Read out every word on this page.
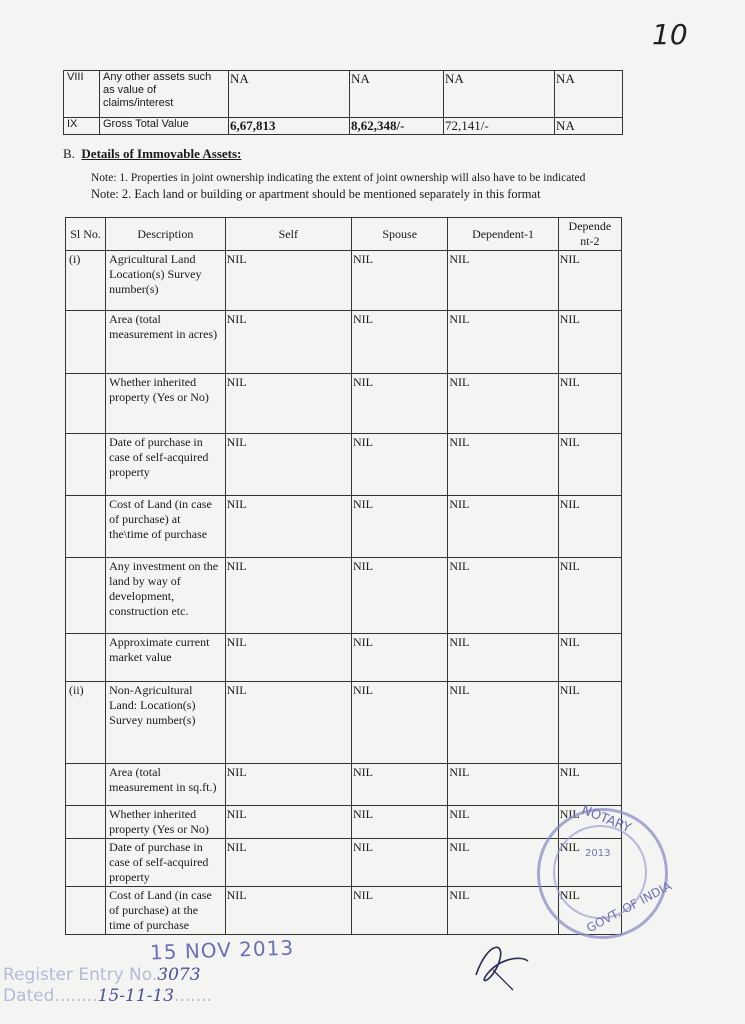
10
VIII	Any other assets such as value of claims/interest	NA	NA	NA	NA
IX	Gross Total Value	6,67,813	8,62,348/-	72,141/-	NA
B. Details of Immovable Assets:
Note: 1. Properties in joint ownership indicating the extent of joint ownership will also have to be indicated
Note: 2. Each land or building or apartment should be mentioned separately in this format
Sl No.	Description	Self	Spouse	Dependent-1	Depende nt-2
(i)	Agricultural Land Location(s) Survey number(s)	NIL	NIL	NIL	NIL
	Area (total measurement in acres)	NIL	NIL	NIL	NIL
	Whether inherited property (Yes or No)	NIL	NIL	NIL	NIL
	Date of purchase in case of self-acquired property	NIL	NIL	NIL	NIL
	Cost of Land (in case of purchase) at the\time of purchase	NIL	NIL	NIL	NIL
	Any investment on the land by way of development, construction etc.	NIL	NIL	NIL	NIL
	Approximate current market value	NIL	NIL	NIL	NIL
(ii)	Non-Agricultural Land: Location(s) Survey number(s)	NIL	NIL	NIL	NIL
	Area (total measurement in sq.ft.)	NIL	NIL	NIL	NIL
	Whether inherited property (Yes or No)	NIL	NIL	NIL	NIL
	Date of purchase in case of self-acquired property	NIL	NIL	NIL	NIL
	Cost of Land (in case of purchase) at the time of purchase	NIL	NIL	NIL	NIL
15 NOV 2013
Register Entry No.3073
Dated........15-11-13.......
NOTARY
GOVT. OF INDIA
2013
